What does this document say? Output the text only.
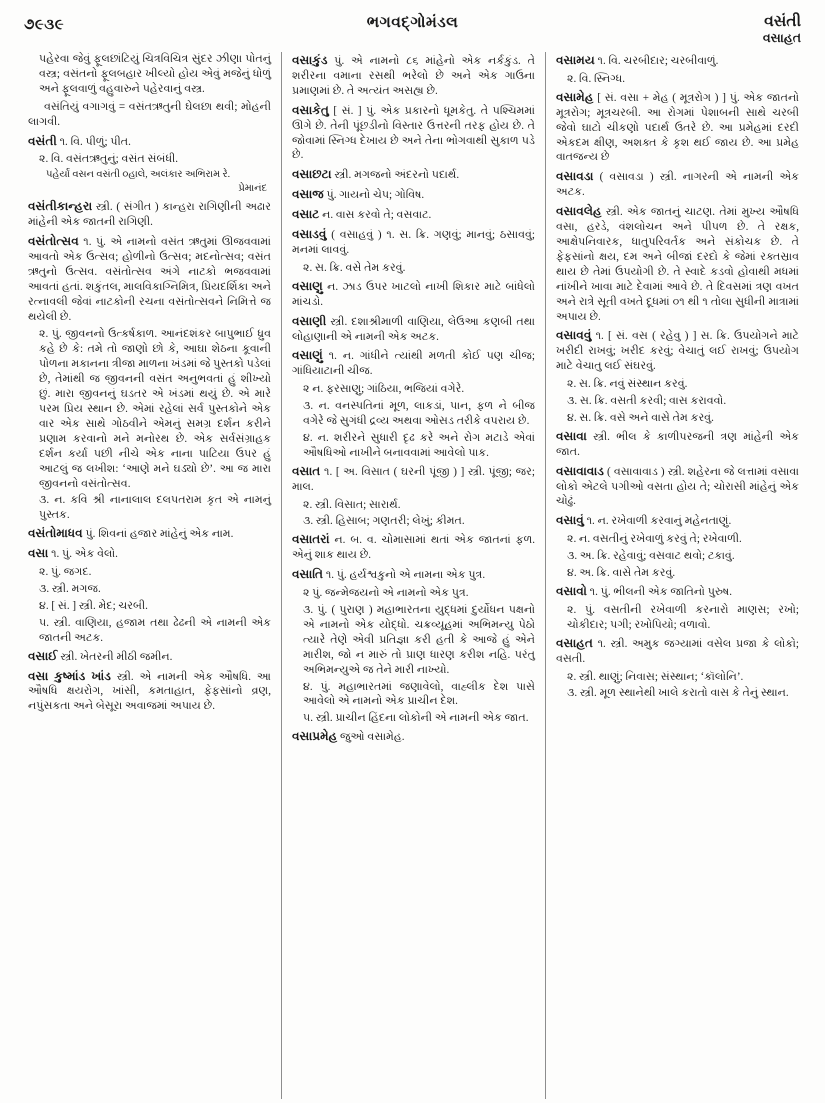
૭૯૩૯	ભગવદ્ગોમંડલ	વસંતી
વસાહત

પહેરવા જેવું ફૂલછાંટિયું ચિત્રવિચિત્ર સુંદર ઝીણા પોતનું વસ્ત્ર; વસંતનો ફૂલબહાર ખીલ્યો હોય એવું મજેનું ધોળું અને ફૂલવાળું વહુવારુને પહેરવાનું વસ્ત્ર.

વસંતિયું વગાગવું = વસંતઋતુની ઘેલછા થવી; મોહની લાગવી.

વસંતી ૧. વિ. પીળું; પીત.

૨. વિ. વસંતઋતુનું; વસંત સંબંધી.

પહેર્યાં વસન વસંતી ૦હાલે, અલંકાર અભિરામ રે.

પ્રેમાનંદ

વસંતીકાન્હરા સ્ત્રી. ( સંગીત ) કાન્હરા રાગિણીની અઢાર માંહેની એક જાતની રાગિણી.

વસંતોત્સવ ૧. પું. એ નામનો વસંત ઋતુમાં ઊજવવામાં આવતો એક ઉત્સવ; હોળીનો ઉત્સવ; મદનોત્સવ; વસંત ઋતુનો ઉત્સવ. વસંતોત્સવ અંગે નાટકો ભજવવામાં આવતાં હતાં. શકુંતલ, માલવિકાગ્નિમિત્ર, પ્રિયદર્શિકા અને રત્નાવલી જેવાં નાટકોની રચના વસંતોત્સવને નિમિત્તે જ થયેલી છે.

૨. પું. જીવનનો ઉત્કર્ષકાળ. આનંદશંકર બાપુભાઈ ધ્રુવ કહે છે કે: તમે તો જાણો છો કે, આઘા શેઠના કૂવાની પોળના મકાનના ત્રીજા માળના ખંડમાં જે પુસ્તકો પડેલાં છે, તેમાંથી જ જીવનની વસંત અનુભવતાં હું શીખ્યો છું. મારા જીવનનું ઘડતર એ ખંડમાં થયું છે. એ મારે પરમ પ્રિય સ્થાન છે. એમાં રહેલાં સર્વ પુસ્તકોને એક વાર એક સાથે ગોઠવીને એમનું સમગ્ર દર્શન કરીને પ્રણામ કરવાનો મને મનોરથ છે. એક સર્વસંગ્રાહક દર્શન કર્યા પછી નીચે એક નાના પાટિયા ઉપર હું આટલું જ લખીશ: ‘આણે મને ઘડ્યો છે’. આ જ મારા જીવનનો વસંતોત્સવ.

૩. ન. કવિ શ્રી નાનાલાલ દલપતરામ કૃત એ નામનું પુસ્તક.

વસંતોમાધવ પું. શિવનાં હજાર માંહેનું એક નામ.

વસા ૧. પું. એક વેલો.

૨. પું. જગદ.

૩. સ્ત્રી. મગજ.

૪. [ સં. ] સ્ત્રી. મેદ; ચરબી.

૫. સ્ત્રી. વાણિયા, હજામ તથા ઢેઢની એ નામની એક જાતની અટક.

વસાઈ સ્ત્રી. ખેતરની મીઠી જમીન.

વસા કુષ્માંડ ખાંડ સ્ત્રી. એ નામની એક ઔષધિ. આ ઔષધિ ક્ષયરોગ, ખાંસી, કમતાહાત, ફેફસાંનો વ્રણ, નપુંસકતા અને બેસૂરા અવાજમાં અપાય છે.

વસાકુંડ પું. એ નામનો ૮૬ માંહેનો એક નર્કકુંડ. તે શરીરના વમાના રસથી ભરેલો છે અને એક ગાઉના પ્રમાણમાં છે. તે અત્યંત અસહ્ય છે.

વસાકેતુ [ સં. ] પું. એક પ્રકારનો ધૂમકેતુ. તે પશ્ચિમમાં ઊગે છે. તેની પૂંછડીનો વિસ્તાર ઉત્તરની તરફ હોય છે. તે જોવામાં સ્નિગ્ધ દેખાય છે અને તેના ભોગવાથી સુકાળ પડે છે.

વસાછટા સ્ત્રી. મગજનો અંદરનો પદાર્થ.

વસાજ પું. ગાયનો ચેપ; ગોવિષ.

વસાટ ન. વાસ કરવો તે; વસવાટ.

વસાડવું ( વસાહવું ) ૧. સ. ક્રિ. ગણવું; માનવું; ઠસાવવું; મનમાં લાવવું.

૨. સ. ક્રિ. વસે તેમ કરવું.

વસાણુ ન. ઝાડ ઉપર ખાટલો નાખી શિકાર માટે બાંધેલો માંચડો.

વસાણી સ્ત્રી. દશાશ્રીમાળી વાણિયા, લેઉઆ કણબી તથા લોહાણાની એ નામની એક અટક.

વસાણું ૧. ન. ગાંધીને ત્યાંથી મળતી કોઈ પણ ચીજ; ગાંધિયાટાની ચીજ.

૨ ન. ફરસાણુ; ગાંઠિયા, ભજિયાં વગેરે.

૩. ન. વનસ્પતિનાં મૂળ, લાકડાં, પાન, ફળ ને બીજ વગેરે જે સુગંધી દ્રવ્ય અથવા ઓસડ તરીકે વપરાય છે.

૪. ન. શરીરને સુધારી દૃઢ કરે અને રોગ મટાડે એવાં ઔષધિઓ નાખીને બનાવવામાં આવેલો પાક.

વસાત ૧. [ અ. વિસાત ( ઘરની પૂંજી ) ] સ્ત્રી. પૂંજી; જર; માલ.

૨. સ્ત્રી. વિસાત; સારાર્થ.

૩. સ્ત્રી. હિસાબ; ગણતરી; લેખું; કીમત.

વસાતરાં ન. બ. વ. ચોમાસામાં થતાં એક જાતનાં ફળ. એનું શાક થાય છે.

વસાતિ ૧. પું. હર્યશ્વકુનો એ નામના એક પુત્ર.

૨ પું. જન્મેજયનો એ નામનો એક પુત્ર.

૩. પું. ( પુરાણ ) મહાભારતના યુદ્ધમાં દુર્યોધન પક્ષનો એ નામનો એક યોદ્ધો. ચક્રવ્યૂહમાં અભિમન્યુ પેઠો ત્યારે તેણે એવી પ્રતિજ્ઞા કરી હતી કે આજે હું એને મારીશ, જો ન મારું તો પ્રાણ ધારણ કરીશ નહિ. પરંતુ અભિમન્યુએ જ તેને મારી નાખ્યો.

૪. પું. મહાભારતમાં જણાવેલો, વાહ્લીક દેશ પાસે આવેલો એ નામનો એક પ્રાચીન દેશ.

૫. સ્ત્રી. પ્રાચીન હિંદના લોકોની એ નામની એક જાત.

વસાપ્રમેહ જુઓ વસામેહ.

વસામય ૧. વિ. ચરબીદાર; ચરબીવાળું.

૨. વિ. સ્નિગ્ધ.

વસામેહ [ સં. વસા + મેહ ( મૂત્રરોગ ) ] પું. એક જાતનો મૂત્રરોગ; મૂત્રચરબી. આ રોગમાં પેશાબની સાથે ચરબી જેવો ઘાટો ચીકણો પદાર્થ ઉતરે છે. આ પ્રમેહમાં દરદી એકદમ ક્ષીણ, અશક્ત કે કૃશ થઈ જાય છે. આ પ્રમેહ વાતજન્ય છે

વસાવડા ( વસાવડા ) સ્ત્રી. નાગરની એ નામની એક અટક.

વસાવલેહ સ્ત્રી. એક જાતનું ચાટણ. તેમાં મુખ્ય ઔષધિ વસા, હરડે, વંશલોચન અને પીપળ છે. તે રક્ષક, આક્ષેપનિવારક, ધાતુપરિવર્તક અને સંકોચક છે. તે ફેફસાંનો ક્ષય, દમ અને બીજાં દરદો કે જેમાં રક્તસ્રાવ થાય છે તેમાં ઉપયોગી છે. તે સ્વાદે કડવો હોવાથી મધમાં નાંખીને ખાવા માટે દેવામાં આવે છે. તે દિવસમાં ત્રણ વખત અને રાત્રે સૂતી વખતે દૂધમાં ૦૧ થી ૧ તોલા સુધીની માત્રામાં અપાય છે.

વસાવવું ૧. [ સં. વસ ( રહેવુ ) ] સ. ક્રિ. ઉપયોગને માટે ખરીદી રાખવું; ખરીદ કરવું; વેચાતું લઈ રાખવું; ઉપયોગ માટે વેચાતુ લઈ સંઘરવું.

૨. સ. ક્રિ. નવું સંસ્થાન કરવું.

૩. સ. ક્રિ. વસતી કરવી; વાસ કરાવવો.

૪. સ. ક્રિ. વસે અને વાસે તેમ કરવું.

વસાવા સ્ત્રી. ભીલ કે કાળીપરજની ત્રણ માંહેની એક જાત.

વસાવાવાડ ( વસાવાવાડ ) સ્ત્રી. શહેરના જે લત્તામાં વસાવા લોકો એટલે પગીઓ વસતા હોય તે; ચોરાસી માંહેનું એક ચોઢું.

વસાવું ૧. ન. રખેવાળી કરવાનું મહેનતાણું.

૨. ન. વસતીનું રખેવાળું કરવું તે; રખેવાળી.

૩. અ. ક્રિ. રહેવાવું; વસવાટ થવો; ટકાવું.

૪. અ. ક્રિ. વાસે તેમ કરવું.

વસાવો ૧. પું. ભીલની એક જાતિનો પુરુષ.

૨. પું. વસતીની રખેવાળી કરનારો માણસ; રખો; ચોકીદાર; પગી; રખોપિયો; વળાવો.

વસાહત ૧. સ્ત્રી. અમુક જગ્યામાં વસેલ પ્રજા કે લોકો; વસતી.

૨. સ્ત્રી. થાણું; નિવાસ; સંસ્થાન; ‘કૉલોનિ’.

૩. સ્ત્રી. મૂળ સ્થાનેથી ખાલે કરાતો વાસ કે તેનું સ્થાન.
